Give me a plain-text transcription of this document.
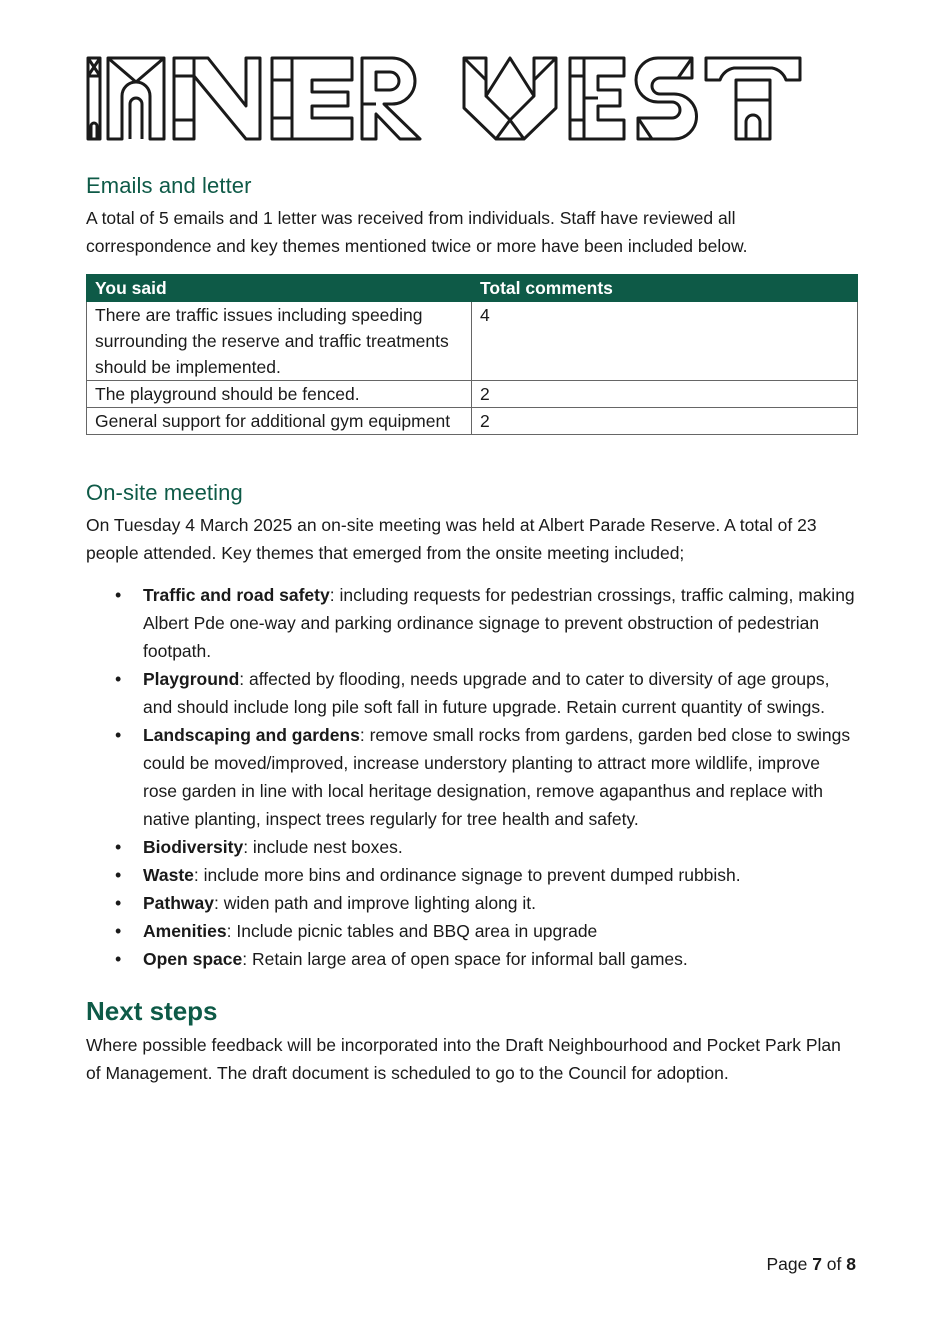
Emails and letter

A total of 5 emails and 1 letter was received from individuals. Staff have reviewed all correspondence and key themes mentioned twice or more have been included below.

You said	Total comments
There are traffic issues including speeding surrounding the reserve and traffic treatments should be implemented.	4
The playground should be fenced.	2
General support for additional gym equipment	2
On-site meeting

On Tuesday 4 March 2025 an on-site meeting was held at Albert Parade Reserve. A total of 23 people attended. Key themes that emerged from the onsite meeting included;

• Traffic and road safety: including requests for pedestrian crossings, traffic calming, making Albert Pde one-way and parking ordinance signage to prevent obstruction of pedestrian footpath.
• Playground: affected by flooding, needs upgrade and to cater to diversity of age groups, and should include long pile soft fall in future upgrade. Retain current quantity of swings.
• Landscaping and gardens: remove small rocks from gardens, garden bed close to swings could be moved/improved, increase understory planting to attract more wildlife, improve rose garden in line with local heritage designation, remove agapanthus and replace with native planting, inspect trees regularly for tree health and safety.
• Biodiversity: include nest boxes.
• Waste: include more bins and ordinance signage to prevent dumped rubbish.
• Pathway: widen path and improve lighting along it.
• Amenities: Include picnic tables and BBQ area in upgrade
• Open space: Retain large area of open space for informal ball games.
Next steps

Where possible feedback will be incorporated into the Draft Neighbourhood and Pocket Park Plan of Management. The draft document is scheduled to go to the Council for adoption.

Page 7 of 8
